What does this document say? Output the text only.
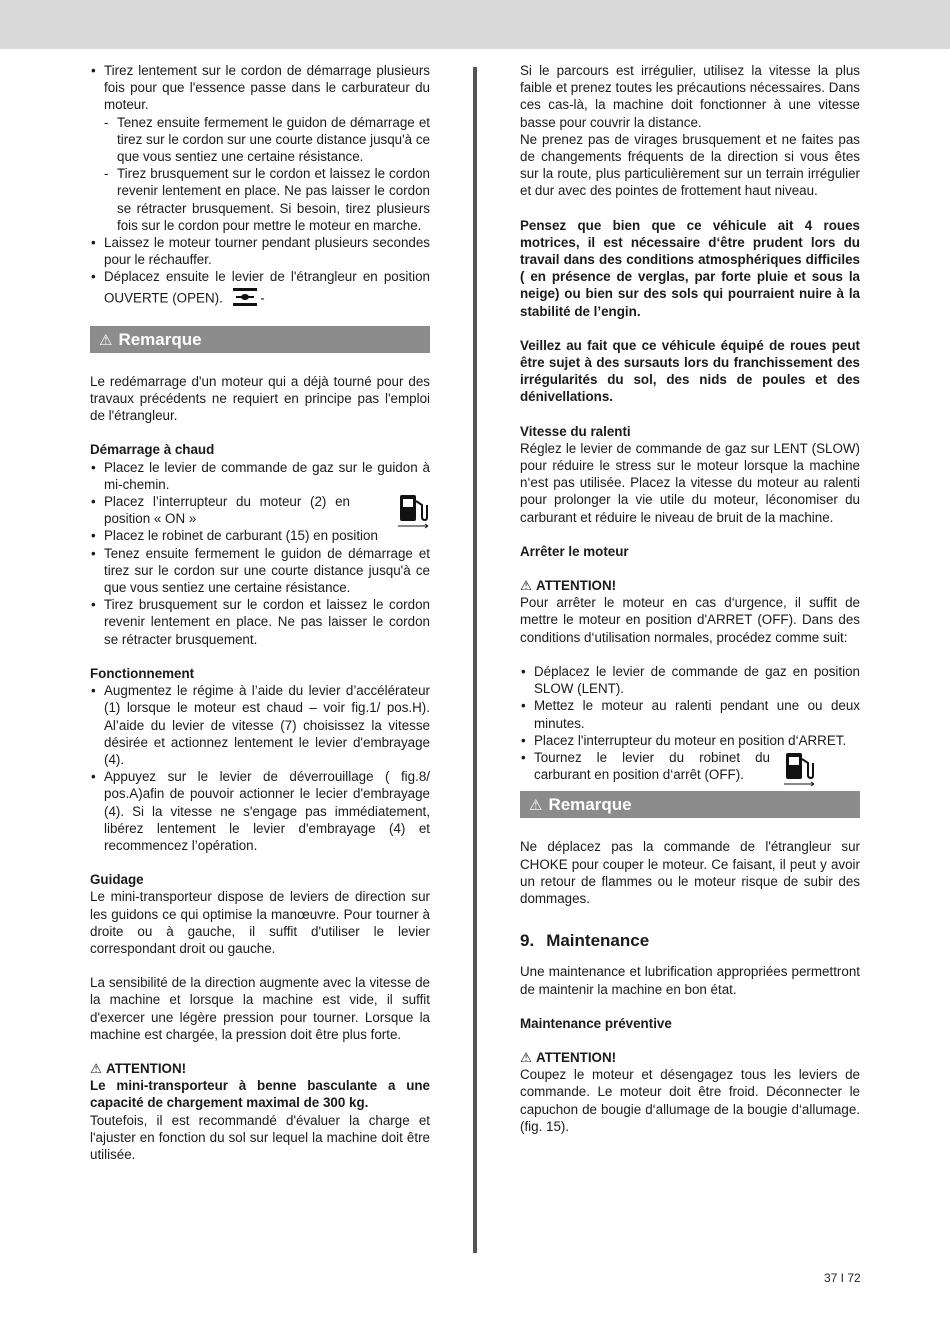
• Tirez lentement sur le cordon de démarrage plusieurs fois pour que l'essence passe dans le carburateur du moteur.
- Tenez ensuite fermement le guidon de démarrage et tirez sur le cordon sur une courte distance jusqu'à ce que vous sentiez une certaine résistance.
- Tirez brusquement sur le cordon et laissez le cordon revenir lentement en place. Ne pas laisser le cordon se rétracter brusquement. Si besoin, tirez plusieurs fois sur le cordon pour mettre le moteur en marche.
• Laissez le moteur tourner pendant plusieurs secondes pour le réchauffer.
• Déplacez ensuite le levier de l'étrangleur en position OUVERTE (OPEN).	-
⚠ Remarque

Le redémarrage d'un moteur qui a déjà tourné pour des travaux précédents ne requiert en principe pas l'emploi de l'étrangleur.

Démarrage à chaud

• Placez le levier de commande de gaz sur le guidon à mi-chemin.
• Placez l’interrupteur du moteur (2) en position « ON »
• Placez le robinet de carburant (15) en position
• Tenez ensuite fermement le guidon de démarrage et tirez sur le cordon sur une courte distance jusqu'à ce que vous sentiez une certaine résistance.
• Tirez brusquement sur le cordon et laissez le cordon revenir lentement en place. Ne pas laisser le cordon se rétracter brusquement.

Fonctionnement

• Augmentez le régime à l’aide du levier d’accélérateur (1) lorsque le moteur est chaud – voir fig.1/ pos.H). Al’aide du levier de vitesse (7) choisissez la vitesse désirée et actionnez lentement le levier d'embrayage (4).
• Appuyez sur le levier de déverrouillage ( fig.8/ pos.A)afin de pouvoir actionner le lecier d'embrayage (4). Si la vitesse ne s'engage pas immédiatement, libérez lentement le levier d'embrayage (4) et recommencez l’opération.

Guidage

Le mini-transporteur dispose de leviers de direction sur les guidons ce qui optimise la manœuvre. Pour tourner à droite ou à gauche, il suffit d'utiliser le levier correspondant droit ou gauche.

La sensibilité de la direction augmente avec la vitesse de la machine et lorsque la machine est vide, il suffit d'exercer une légère pression pour tourner. Lorsque la machine est chargée, la pression doit être plus forte.

⚠ ATTENTION!

Le mini-transporteur à benne basculante a une capacité de chargement maximal de 300 kg.

Toutefois, il est recommandé d'évaluer la charge et l'ajuster en fonction du sol sur lequel la machine doit être utilisée.

Si le parcours est irrégulier, utilisez la vitesse la plus faible et prenez toutes les précautions nécessaires. Dans ces cas-là, la machine doit fonctionner à une vitesse basse pour couvrir la distance.

Ne prenez pas de virages brusquement et ne faites pas de changements fréquents de la direction si vous êtes sur la route, plus particulièrement sur un terrain irrégulier et dur avec des pointes de frottement haut niveau.

Pensez que bien que ce véhicule ait 4 roues motrices, il est nécessaire d‘être prudent lors du travail dans des conditions atmosphériques difficiles ( en présence de verglas, par forte pluie et sous la neige) ou bien sur des sols qui pourraient nuire à la stabilité de l’engin.

Veillez au fait que ce véhicule équipé de roues peut être sujet à des sursauts lors du franchissement des irrégularités du sol, des nids de poules et des dénivellations.

Vitesse du ralenti

Réglez le levier de commande de gaz sur LENT (SLOW) pour réduire le stress sur le moteur lorsque la machine n‘est pas utilisée. Placez la vitesse du moteur au ralenti pour prolonger la vie utile du moteur, léconomiser du carburant et réduire le niveau de bruit de la machine.

Arrêter le moteur

⚠ ATTENTION!

Pour arrêter le moteur en cas d‘urgence, il suffit de mettre le moteur en position d'ARRET (OFF). Dans des conditions d‘utilisation normales, procédez comme suit:

• Déplacez le levier de commande de gaz en position SLOW (LENT).
• Mettez le moteur au ralenti pendant une ou deux minutes.
• Placez l'interrupteur du moteur en position d‘ARRET.
• Tournez le levier du robinet du carburant en position d‘arrêt (OFF).
⚠ Remarque

Ne déplacez pas la commande de l'étrangleur sur CHOKE pour couper le moteur. Ce faisant, il peut y avoir un retour de flammes ou le moteur risque de subir des dommages.

9. Maintenance

Une maintenance et lubrification appropriées permettront de maintenir la machine en bon état.

Maintenance préventive

⚠ ATTENTION!

Coupez le moteur et désengagez tous les leviers de commande. Le moteur doit être froid. Déconnecter le capuchon de bougie d‘allumage de la bougie d‘allumage. (fig. 15).

37 I 72
